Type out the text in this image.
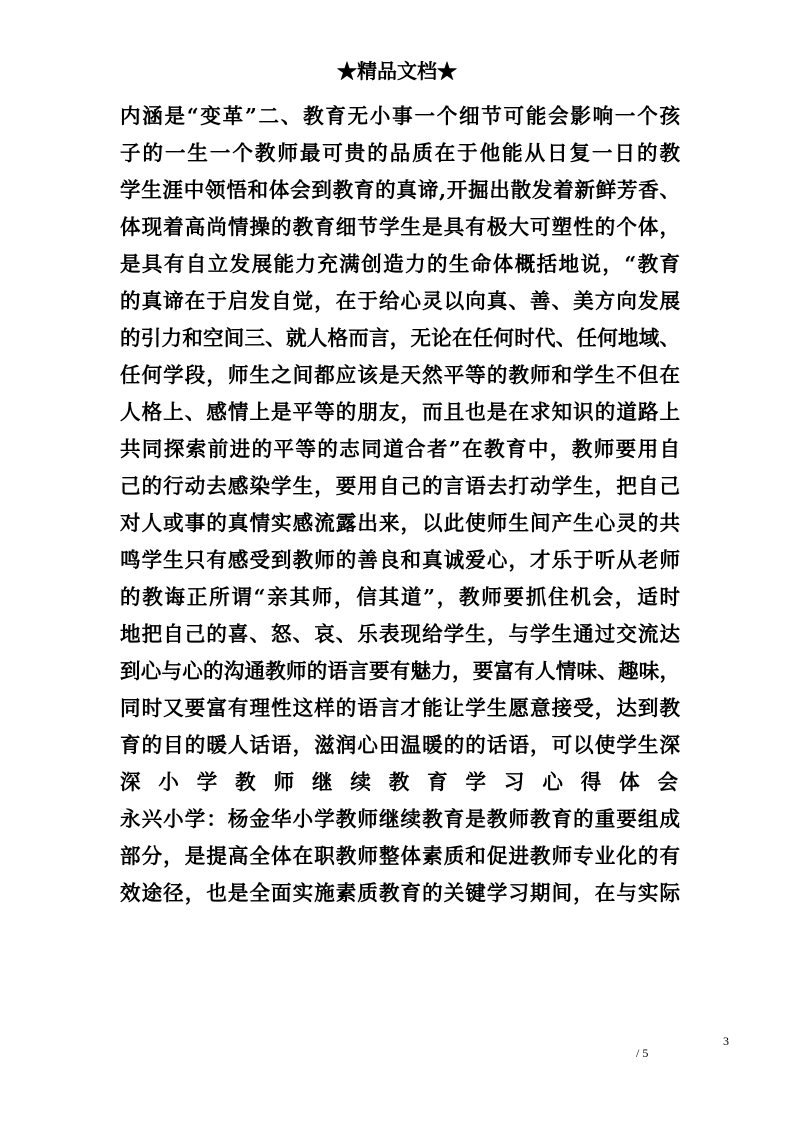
★精品文档★
内涵是“变革”二、教育无小事一个细节可能会影响一个孩
子的一生一个教师最可贵的品质在于他能从日复一日的教
学生涯中领悟和体会到教育的真谛,开掘出散发着新鲜芳香、
体现着高尚情操的教育细节学生是具有极大可塑性的个体，
是具有自立发展能力充满创造力的生命体概括地说，“教育
的真谛在于启发自觉，在于给心灵以向真、善、美方向发展
的引力和空间三、就人格而言，无论在任何时代、任何地域、
任何学段，师生之间都应该是天然平等的教师和学生不但在
人格上、感情上是平等的朋友，而且也是在求知识的道路上
共同探索前进的平等的志同道合者”在教育中，教师要用自
己的行动去感染学生，要用自己的言语去打动学生，把自己
对人或事的真情实感流露出来，以此使师生间产生心灵的共
鸣学生只有感受到教师的善良和真诚爱心，才乐于听从老师
的教诲正所谓“亲其师，信其道”，教师要抓住机会，适时
地把自己的喜、怒、哀、乐表现给学生，与学生通过交流达
到心与心的沟通教师的语言要有魅力，要富有人情味、趣味，
同时又要富有理性这样的语言才能让学生愿意接受，达到教
育的目的暖人话语，滋润心田温暖的的话语，可以使学生深
深小学教师继续教育学习心得体会
永兴小学：杨金华小学教师继续教育是教师教育的重要组成
部分，是提高全体在职教师整体素质和促进教师专业化的有
效途径，也是全面实施素质教育的关键学习期间，在与实际
3
/ 5
